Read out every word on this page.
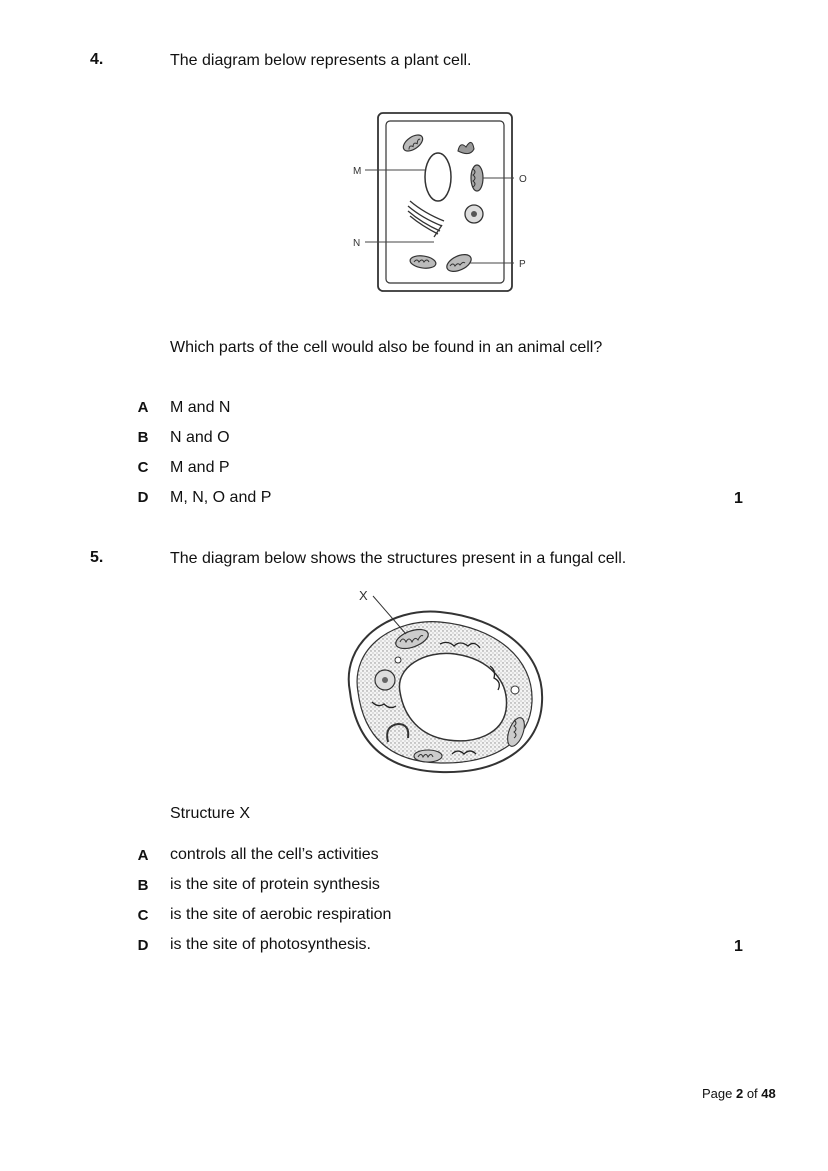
4.	The diagram below represents a plant cell.
M
N
O
P
Which parts of the cell would also be found in an animal cell?
A M and N
B N and O
C M and P
D M, N, O and P	1
5.	The diagram below shows the structures present in a fungal cell.
X
Structure X
A controls all the cell’s activities
B is the site of protein synthesis
C is the site of aerobic respiration
D is the site of photosynthesis.	1
Page 2 of 48
